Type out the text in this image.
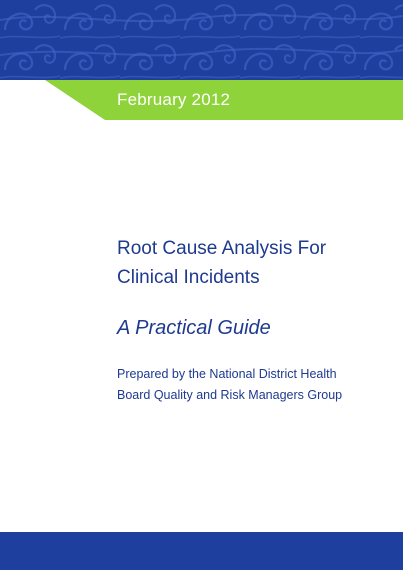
February 2012
Root Cause Analysis For
Clinical Incidents
A Practical Guide
Prepared by the National District Health
Board Quality and Risk Managers Group
